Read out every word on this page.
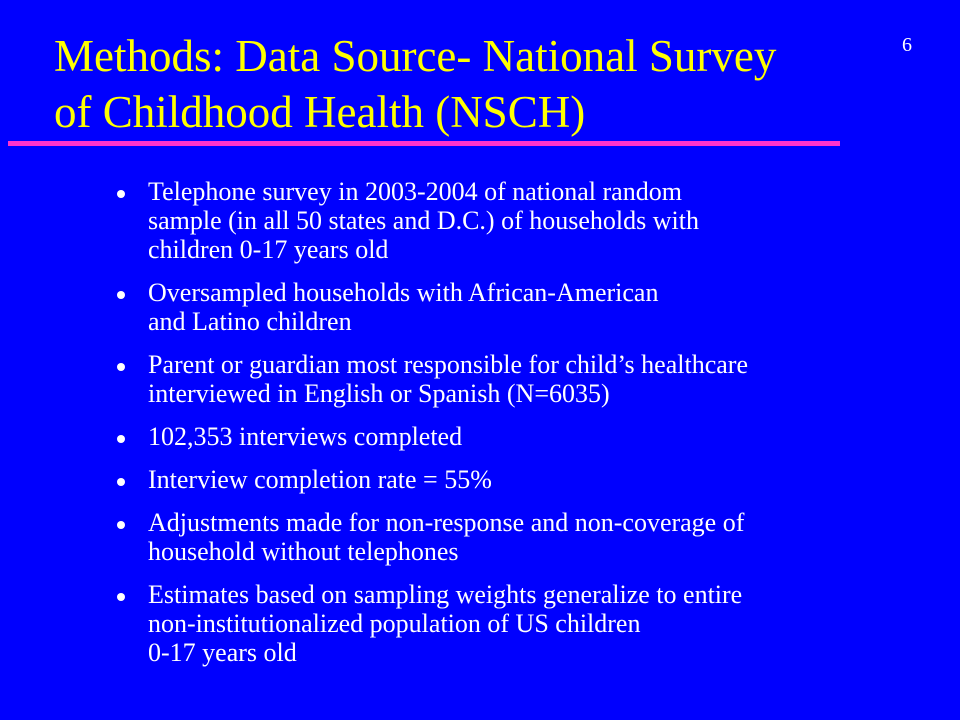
6
Methods: Data Source- National Survey
of Childhood Health (NSCH)
Telephone survey in 2003-2004 of national random
sample (in all 50 states and D.C.) of households with
children 0-17 years old
Oversampled households with African-American
and Latino children
Parent or guardian most responsible for child’s healthcare
interviewed in English or Spanish (N=6035)
102,353 interviews completed
Interview completion rate = 55%
Adjustments made for non-response and non-coverage of
household without telephones
Estimates based on sampling weights generalize to entire
non-institutionalized population of US children
0-17 years old
